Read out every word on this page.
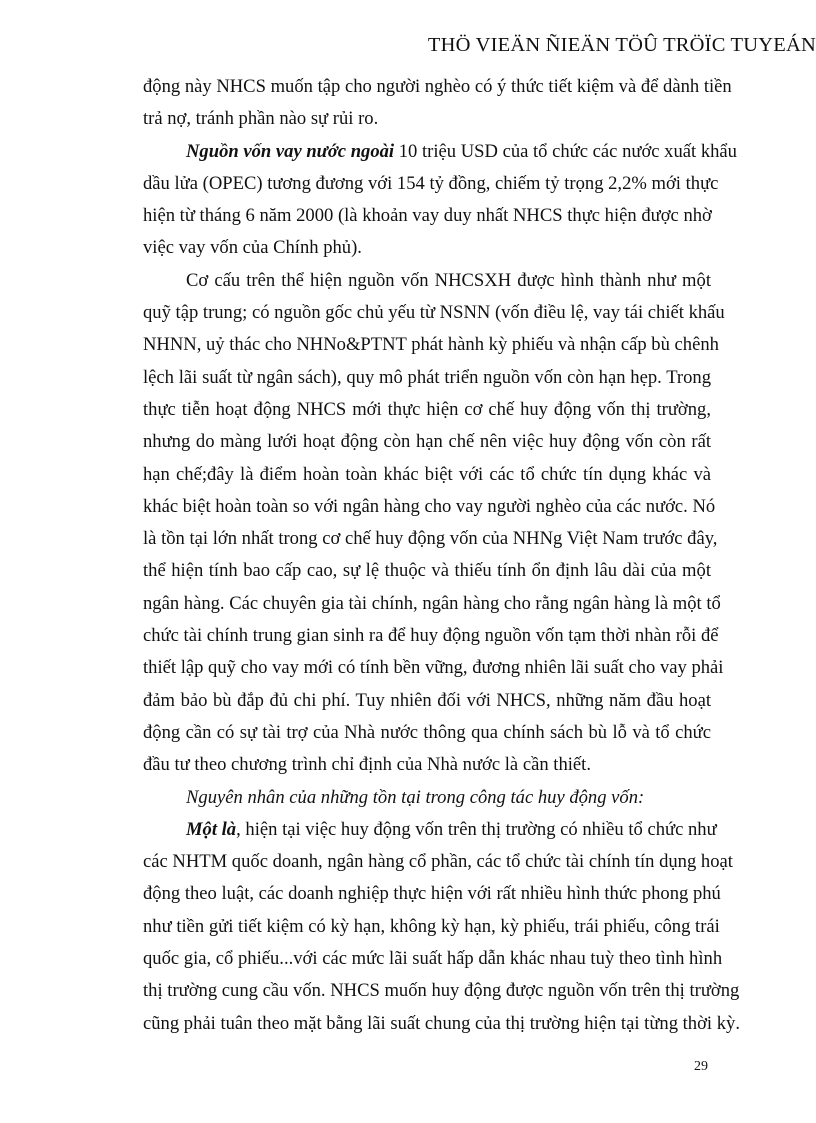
THÖ VIEÄN ÑIEÄN TÖÛ TRÖÏC TUYEÁN
động này NHCS muốn tập cho người nghèo có ý thức tiết kiệm và để dành tiền
trả nợ, tránh phần nào sự rủi ro.
Nguồn vốn vay nước ngoài 10 triệu USD của tổ chức các nước xuất khẩu
dầu lửa (OPEC) tương đương với 154 tỷ đồng, chiếm tỷ trọng 2,2% mới thực
hiện từ tháng 6 năm 2000 (là khoản vay duy nhất NHCS thực hiện được nhờ
việc vay vốn của Chính phủ).
Cơ cấu trên thể hiện nguồn vốn NHCSXH được hình thành như một
quỹ tập trung; có nguồn gốc chủ yếu từ NSNN (vốn điều lệ, vay tái chiết khấu
NHNN, uỷ thác cho NHNo&PTNT phát hành kỳ phiếu và nhận cấp bù chênh
lệch lãi suất từ ngân sách), quy mô phát triển nguồn vốn còn hạn hẹp. Trong
thực tiễn hoạt động NHCS mới thực hiện cơ chế huy động vốn thị trường,
nhưng do màng lưới hoạt động còn hạn chế nên việc huy động vốn còn rất
hạn chế;đây là điểm hoàn toàn khác biệt với các tổ chức tín dụng khác và
khác biệt hoàn toàn so với ngân hàng cho vay người nghèo của các nước. Nó
là tồn tại lớn nhất trong cơ chế huy động vốn của NHNg Việt Nam trước đây,
thể hiện tính bao cấp cao, sự lệ thuộc và thiếu tính ổn định lâu dài của một
ngân hàng. Các chuyên gia tài chính, ngân hàng cho rằng ngân hàng là một tổ
chức tài chính trung gian sinh ra để huy động nguồn vốn tạm thời nhàn rỗi để
thiết lập quỹ cho vay mới có tính bền vững, đương nhiên lãi suất cho vay phải
đảm bảo bù đắp đủ chi phí. Tuy nhiên đối với NHCS, những năm đầu hoạt
động cần có sự tài trợ của Nhà nước thông qua chính sách bù lỗ và tổ chức
đầu tư theo chương trình chỉ định của Nhà nước là cần thiết.
Nguyên nhân của những tồn tại trong công tác huy động vốn:
Một là, hiện tại việc huy động vốn trên thị trường có nhiều tổ chức như
các NHTM quốc doanh, ngân hàng cổ phần, các tổ chức tài chính tín dụng hoạt
động theo luật, các doanh nghiệp thực hiện với rất nhiều hình thức phong phú
như tiền gửi tiết kiệm có kỳ hạn, không kỳ hạn, kỳ phiếu, trái phiếu, công trái
quốc gia, cổ phiếu...với các mức lãi suất hấp dẫn khác nhau tuỳ theo tình hình
thị trường cung cầu vốn. NHCS muốn huy động được nguồn vốn trên thị trường
cũng phải tuân theo mặt bằng lãi suất chung của thị trường hiện tại từng thời kỳ.
29
